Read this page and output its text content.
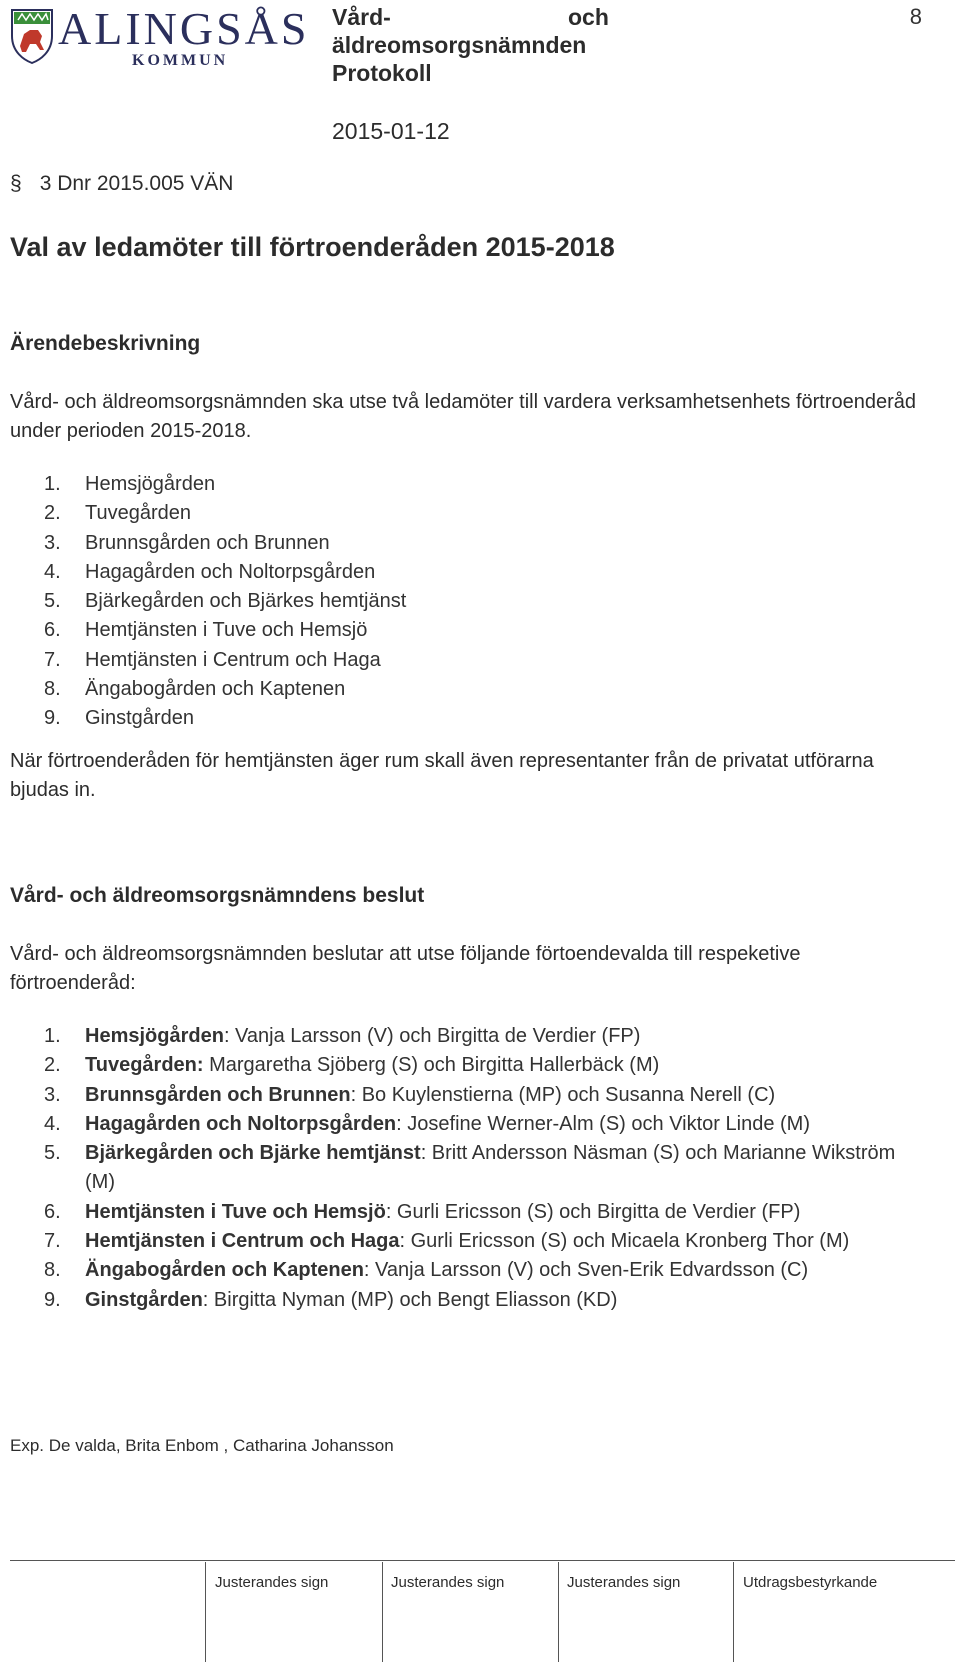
ALINGSÅS
KOMMUN
Vård-	och
äldreomsorgsnämnden
Protokoll
8
2015-01-12
§ 3 Dnr 2015.005 VÄN
Val av ledamöter till förtroenderåden 2015-2018
Ärendebeskrivning
Vård- och äldreomsorgsnämnden ska utse två ledamöter till vardera verksamhetsenhets förtroenderåd under perioden 2015-2018.
1.	Hemsjögården
2.	Tuvegården
3.	Brunnsgården och Brunnen
4.	Hagagården och Noltorpsgården
5.	Bjärkegården och Bjärkes hemtjänst
6.	Hemtjänsten i Tuve och Hemsjö
7.	Hemtjänsten i Centrum och Haga
8.	Ängabogården och Kaptenen
9.	Ginstgården
När förtroenderåden för hemtjänsten äger rum skall även representanter från de privatat utförarna bjudas in.
Vård- och äldreomsorgsnämndens beslut
Vård- och äldreomsorgsnämnden beslutar att utse följande förtoendevalda till respeketive förtroenderåd:
1.	Hemsjögården: Vanja Larsson (V) och Birgitta de Verdier (FP)
2.	Tuvegården: Margaretha Sjöberg (S) och Birgitta Hallerbäck (M)
3.	Brunnsgården och Brunnen: Bo Kuylenstierna (MP) och Susanna Nerell (C)
4.	Hagagården och Noltorpsgården: Josefine Werner-Alm (S) och Viktor Linde (M)
5.	Bjärkegården och Bjärke hemtjänst: Britt Andersson Näsman (S) och Marianne Wikström (M)
6.	Hemtjänsten i Tuve och Hemsjö: Gurli Ericsson (S) och Birgitta de Verdier (FP)
7.	Hemtjänsten i Centrum och Haga: Gurli Ericsson (S) och Micaela Kronberg Thor (M)
8.	Ängabogården och Kaptenen: Vanja Larsson (V) och Sven-Erik Edvardsson (C)
9.	Ginstgården: Birgitta Nyman (MP) och Bengt Eliasson (KD)
Exp. De valda, Brita Enbom , Catharina Johansson
Justerandes sign	Justerandes sign	Justerandes sign	Utdragsbestyrkande
